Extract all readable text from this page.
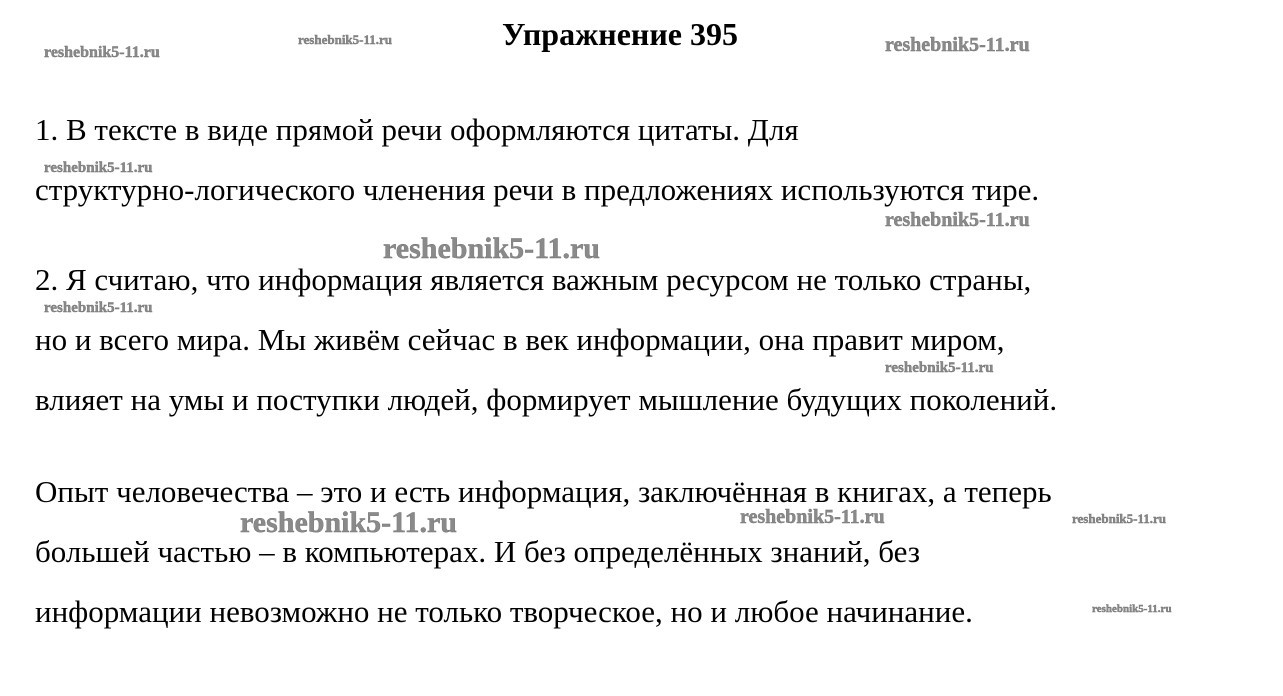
Упражнение 395
1. В тексте в виде прямой речи оформляются цитаты. Для
структурно-логического членения речи в предложениях используются тире.
2. Я считаю, что информация является важным ресурсом не только страны,
но и всего мира. Мы живём сейчас в век информации, она правит миром,
влияет на умы и поступки людей, формирует мышление будущих поколений.
Опыт человечества – это и есть информация, заключённая в книгах, а теперь
большей частью – в компьютерах. И без определённых знаний, без
информации невозможно не только творческое, но и любое начинание.
reshebnik5-11.ru
reshebnik5-11.ru	reshebnik5-11.ru
reshebnik5-11.ru
reshebnik5-11.ru
reshebnik5-11.ru
reshebnik5-11.ru
reshebnik5-11.ru
reshebnik5-11.ru	reshebnik5-11.ru	reshebnik5-11.ru
reshebnik5-11.ru
